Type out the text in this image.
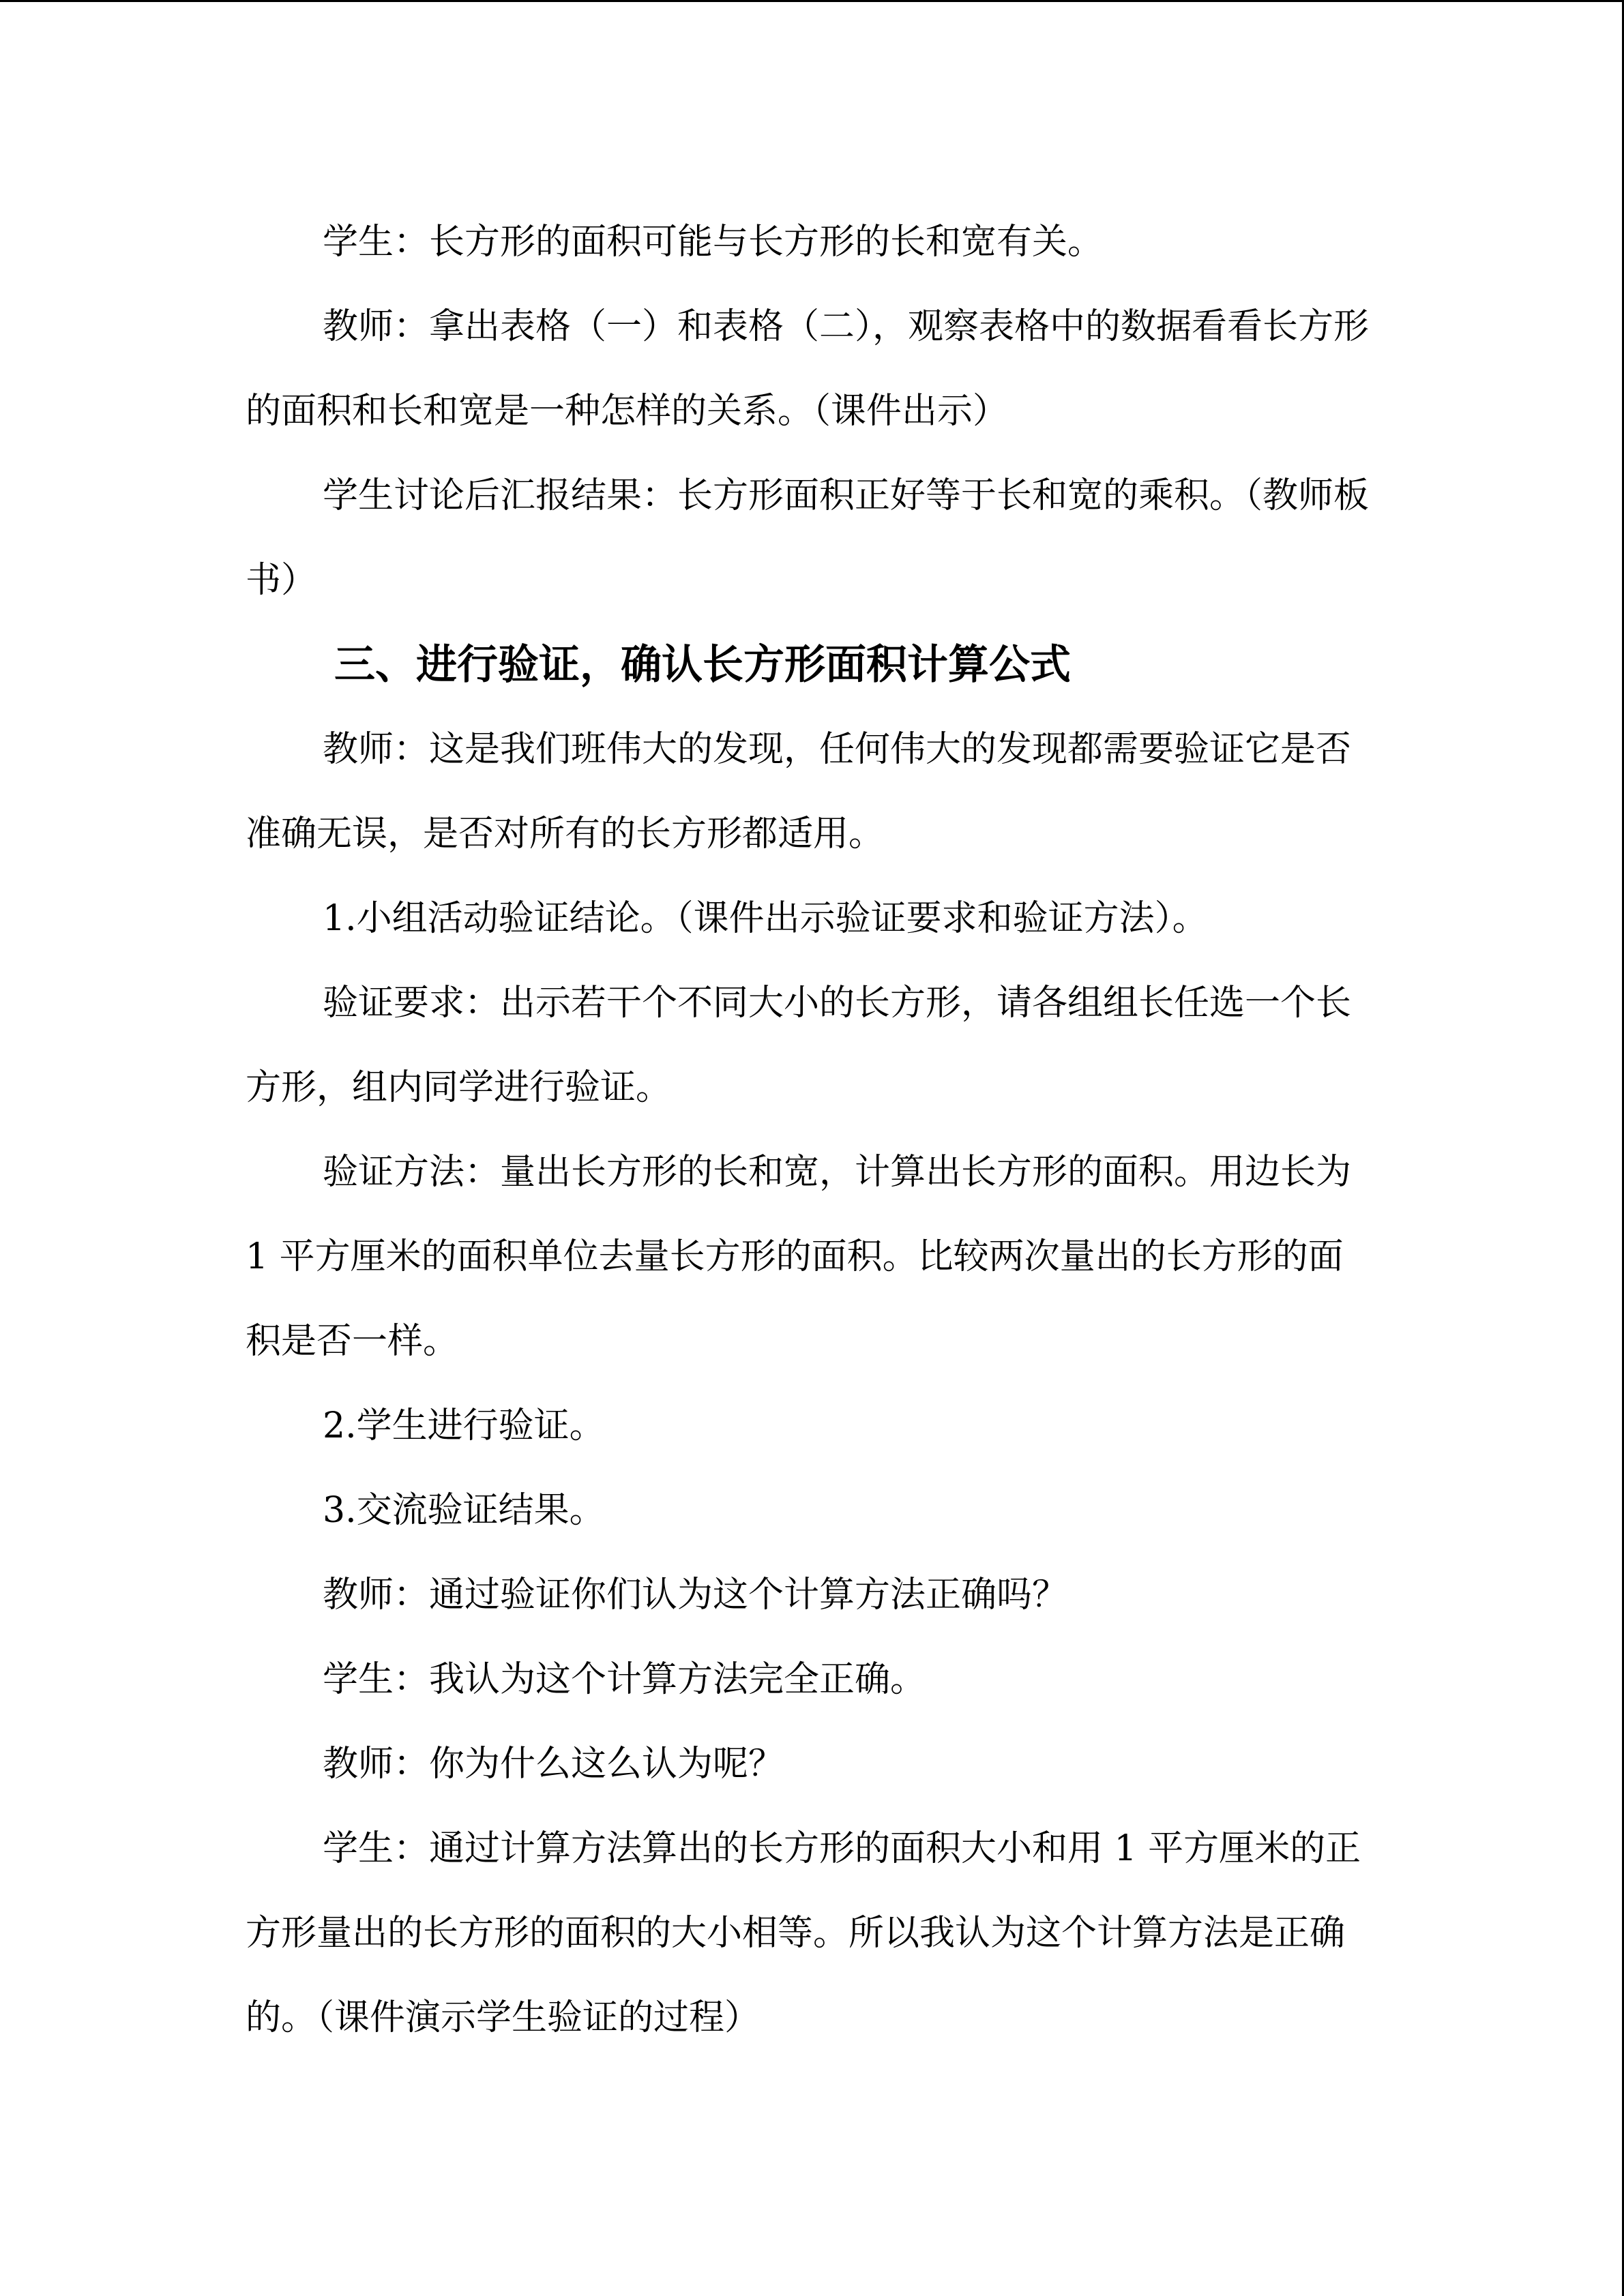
学生：长方形的面积可能与长方形的长和宽有关。

教师：拿出表格（一）和表格（二），观察表格中的数据看看长方形的面积和长和宽是一种怎样的关系。（课件出示）

学生讨论后汇报结果：长方形面积正好等于长和宽的乘积。（教师板书）

三、进行验证，确认长方形面积计算公式

教师：这是我们班伟大的发现，任何伟大的发现都需要验证它是否准确无误，是否对所有的长方形都适用。

1.小组活动验证结论。（课件出示验证要求和验证方法）。

验证要求：出示若干个不同大小的长方形，请各组组长任选一个长方形，组内同学进行验证。

验证方法：量出长方形的长和宽，计算出长方形的面积。用边长为 1 平方厘米的面积单位去量长方形的面积。比较两次量出的长方形的面积是否一样。

2.学生进行验证。

3.交流验证结果。

教师：通过验证你们认为这个计算方法正确吗？

学生：我认为这个计算方法完全正确。

教师：你为什么这么认为呢？

学生：通过计算方法算出的长方形的面积大小和用 1 平方厘米的正方形量出的长方形的面积的大小相等。所以我认为这个计算方法是正确的。（课件演示学生验证的过程）
